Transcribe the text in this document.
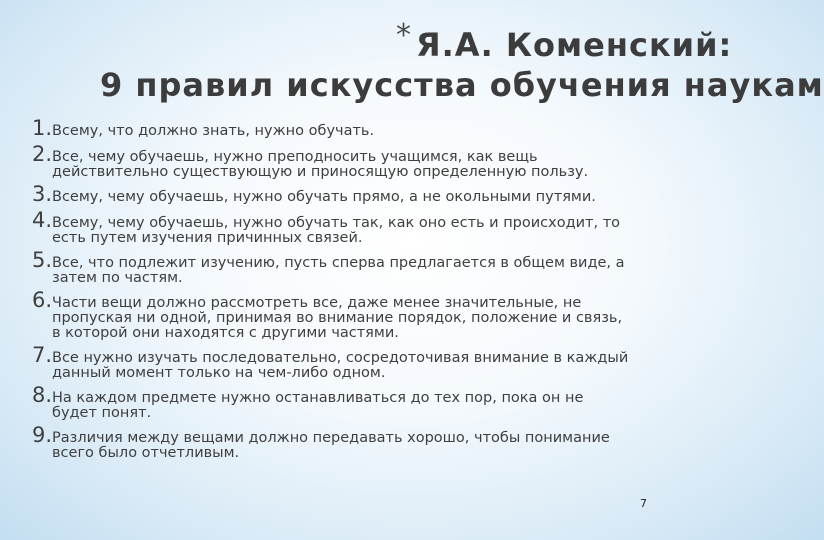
* Я.А. Коменский:
9 правил искусства обучения наукам
1. Всему, что должно знать, нужно обучать.
2. Все, чему обучаешь, нужно преподносить учащимся, как вещь действительно существующую и приносящую определенную пользу.
3. Всему, чему обучаешь, нужно обучать прямо, а не окольными путями.
4. Всему, чему обучаешь, нужно обучать так, как оно есть и происходит, то есть путем изучения причинных связей.
5. Все, что подлежит изучению, пусть сперва предлагается в общем виде, а затем по частям.
6. Части вещи должно рассмотреть все, даже менее значительные, не пропуская ни одной, принимая во внимание порядок, положение и связь, в которой они находятся с другими частями.
7. Все нужно изучать последовательно, сосредоточивая внимание в каждый данный момент только на чем-либо одном.
8. На каждом предмете нужно останавливаться до тех пор, пока он не будет понят.
9. Различия между вещами должно передавать хорошо, чтобы понимание всего было отчетливым.
7
